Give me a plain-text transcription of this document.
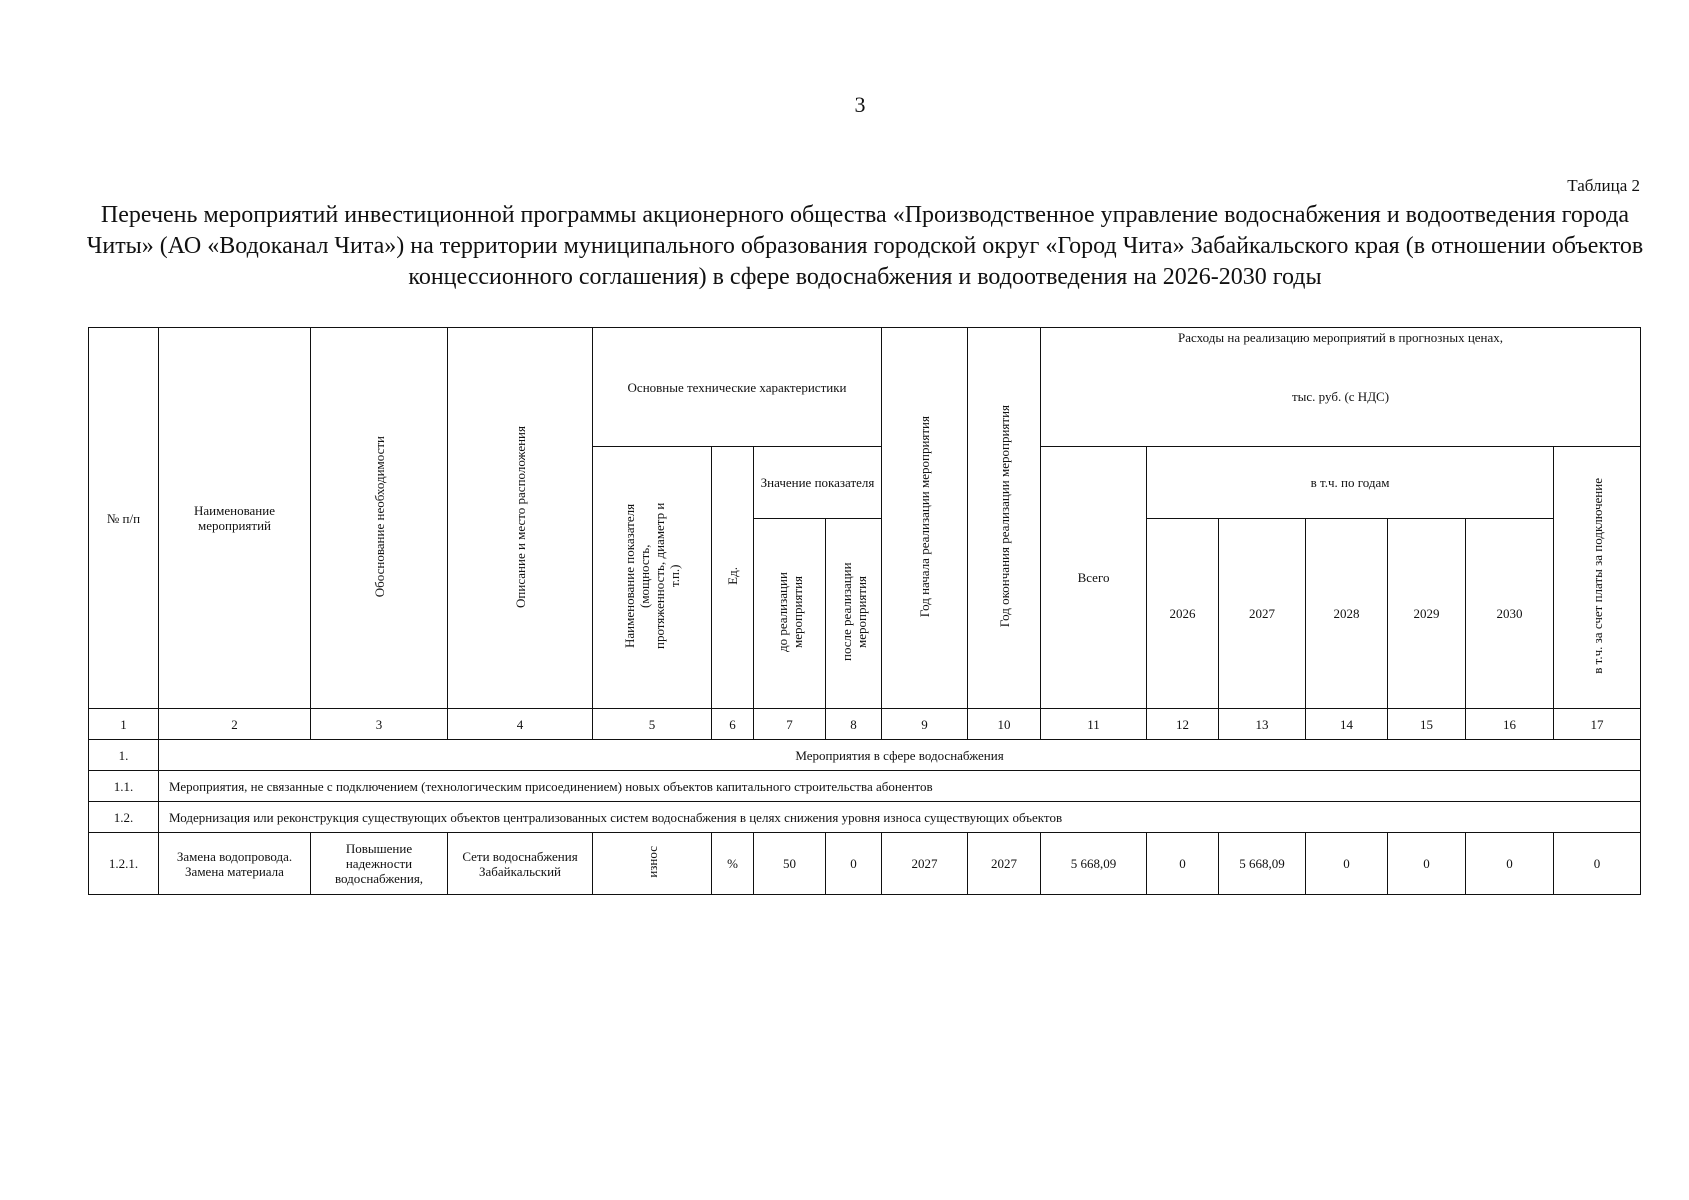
3
Таблица 2
Перечень мероприятий инвестиционной программы акционерного общества «Производственное управление водоснабжения и водоотведения города Читы» (АО «Водоканал Чита») на территории муниципального образования городской округ «Город Чита» Забайкальского края (в отношении объектов концессионного соглашения) в сфере водоснабжения и водоотведения на 2026-2030 годы
№ п/п	Наименование мероприятий	Обоснование необходимости	Описание и место расположения	Основные технические характеристики				Год начала реализации мероприятия	Год окончания реализации мероприятия	Расходы на реализацию мероприятий в прогнозных ценах,						
										тыс. руб. (с НДС)						
				Наименование показателя (мощность, протяженность, диаметр и т.п.)	Ед.	Значение показателя				Всего	в т.ч. по годам					в т.ч. за счет платы за подключение
						до реализации мероприятия	после реализации мероприятия				2026	2027	2028	2029	2030	
1	2	3	4	5	6	7	8	9	10	11	12	13	14	15	16	17
1.	Мероприятия в сфере водоснабжения															
1.1.	Мероприятия, не связанные с подключением (технологическим присоединением) новых объектов капитального строительства абонентов															
1.2.	Модернизация или реконструкция существующих объектов централизованных систем водоснабжения в целях снижения уровня износа существующих объектов															
1.2.1.	Замена водопровода. Замена материала	Повышение надежности водоснабжения,	Сети водоснабжения Забайкальский	износ	%	50	0	2027	2027	5 668,09	0	5 668,09	0	0	0	0
